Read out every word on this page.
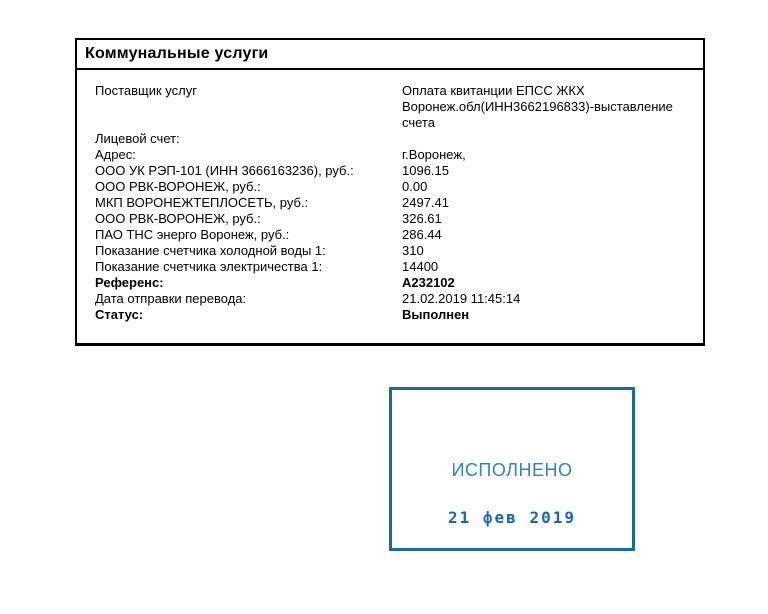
Коммунальные услуги
Поставщик услуг	Оплата квитанции ЕПСС ЖКХ Воронеж.обл(ИНН3662196833)-выставление счета
Лицевой счет:
Адрес:	г.Воронеж,
ООО УК РЭП-101 (ИНН 3666163236), руб.:	1096.15
ООО РВК-ВОРОНЕЖ, руб.:	0.00
МКП ВОРОНЕЖТЕПЛОСЕТЬ, руб.:	2497.41
ООО РВК-ВОРОНЕЖ, руб.:	326.61
ПАО ТНС энерго Воронеж, руб.:	286.44
Показание счетчика холодной воды 1:	310
Показание счетчика электричества 1:	14400
Референс:	A232102
Дата отправки перевода:	21.02.2019 11:45:14
Статус:	Выполнен
ИСПОЛНЕНО
21 фев 2019
